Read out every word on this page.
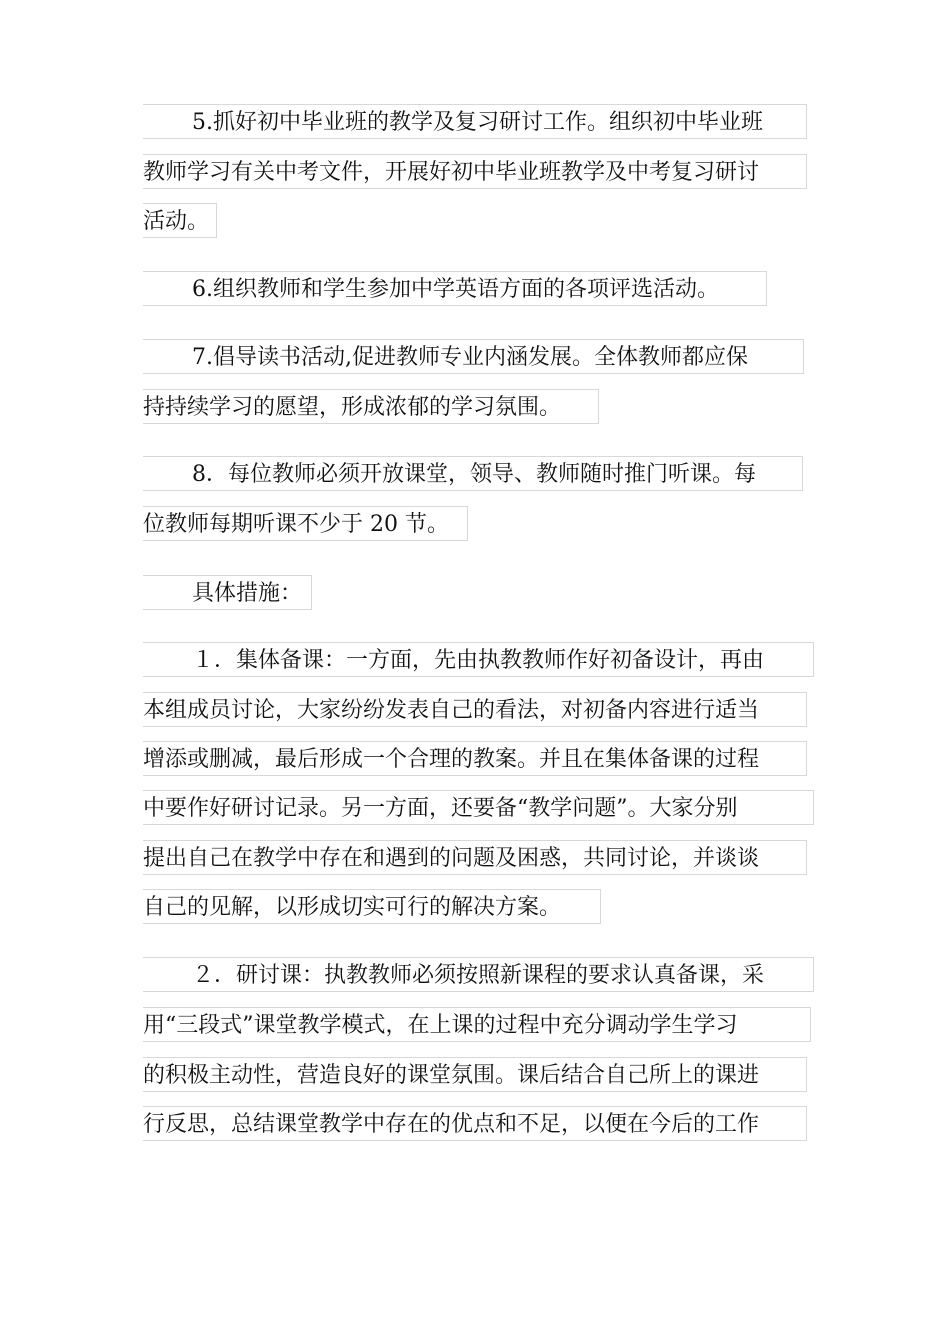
5.抓好初中毕业班的教学及复习研讨工作。组织初中毕业班
教师学习有关中考文件，开展好初中毕业班教学及中考复习研讨
活动。
6.组织教师和学生参加中学英语方面的各项评选活动。
7.倡导读书活动,促进教师专业内涵发展。全体教师都应保
持持续学习的愿望，形成浓郁的学习氛围。
8．每位教师必须开放课堂，领导、教师随时推门听课。每
位教师每期听课不少于 20 节。
具体措施：
１．集体备课：一方面，先由执教教师作好初备设计，再由
本组成员讨论，大家纷纷发表自己的看法，对初备内容进行适当
增添或删减，最后形成一个合理的教案。并且在集体备课的过程
中要作好研讨记录。另一方面，还要备“教学问题”。大家分别
提出自己在教学中存在和遇到的问题及困惑，共同讨论，并谈谈
自己的见解，以形成切实可行的解决方案。
２．研讨课：执教教师必须按照新课程的要求认真备课，采
用“三段式”课堂教学模式，在上课的过程中充分调动学生学习
的积极主动性，营造良好的课堂氛围。课后结合自己所上的课进
行反思，总结课堂教学中存在的优点和不足，以便在今后的工作
